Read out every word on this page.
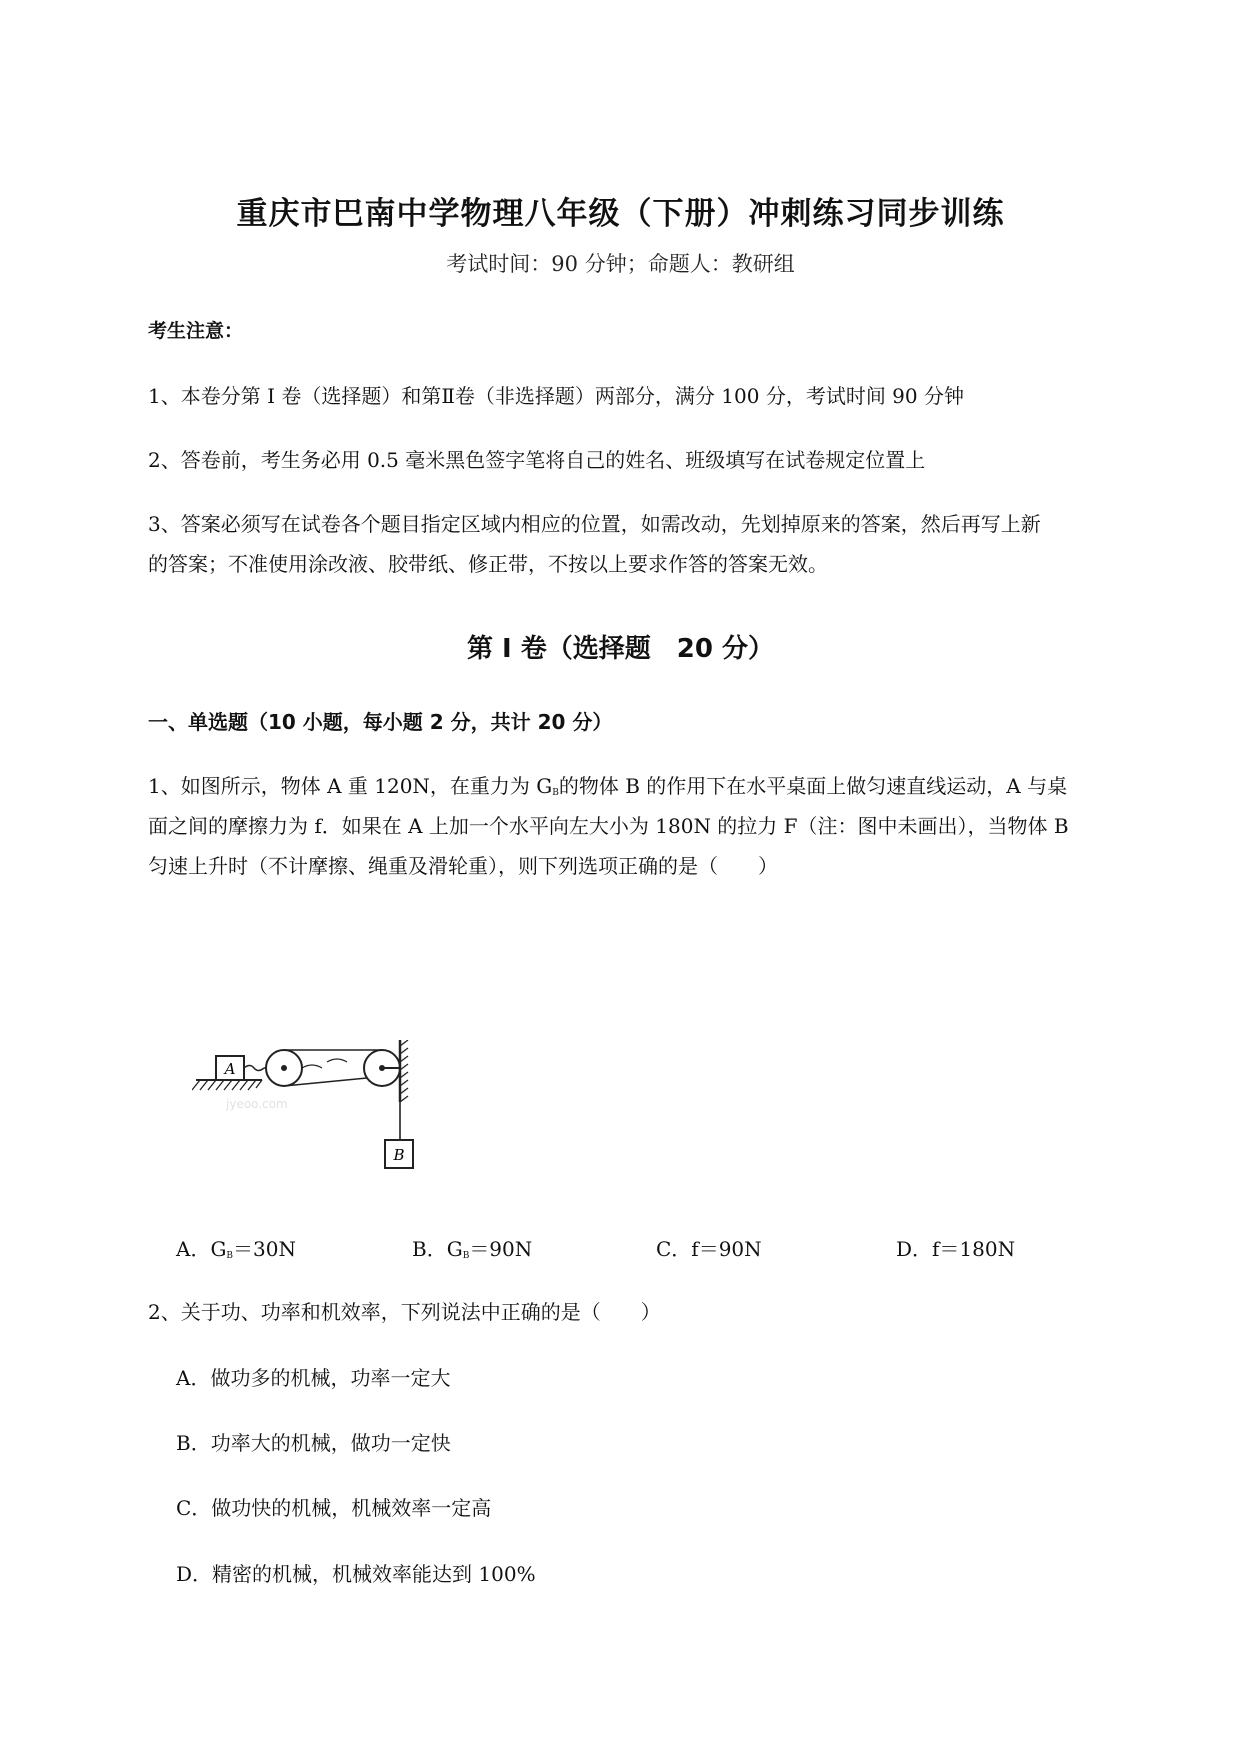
重庆市巴南中学物理八年级（下册）冲刺练习同步训练
考试时间：90 分钟；命题人：教研组
考生注意：
1、本卷分第 I 卷（选择题）和第Ⅱ卷（非选择题）两部分，满分 100 分，考试时间 90 分钟
2、答卷前，考生务必用 0.5 毫米黑色签字笔将自己的姓名、班级填写在试卷规定位置上
3、答案必须写在试卷各个题目指定区域内相应的位置，如需改动，先划掉原来的答案，然后再写上新
的答案；不准使用涂改液、胶带纸、修正带，不按以上要求作答的答案无效。
第 I 卷（选择题　20 分）
一、单选题（10 小题，每小题 2 分，共计 20 分）
1、如图所示，物体 A 重 120N，在重力为 $G_B$的物体 B 的作用下在水平桌面上做匀速直线运动，A 与桌
面之间的摩擦力为 f．如果在 A 上加一个水平向左大小为 180N 的拉力 F（注：图中未画出），当物体 B
匀速上升时（不计摩擦、绳重及滑轮重），则下列选项正确的是（　　）
A
B
jyeoo.com
A．$G_B=30N$	B．$G_B=90N$	C．f＝90N	D．f＝180N
2、关于功、功率和机效率，下列说法中正确的是（　　）
A．做功多的机械，功率一定大
B．功率大的机械，做功一定快
C．做功快的机械，机械效率一定高
D．精密的机械，机械效率能达到 100%
